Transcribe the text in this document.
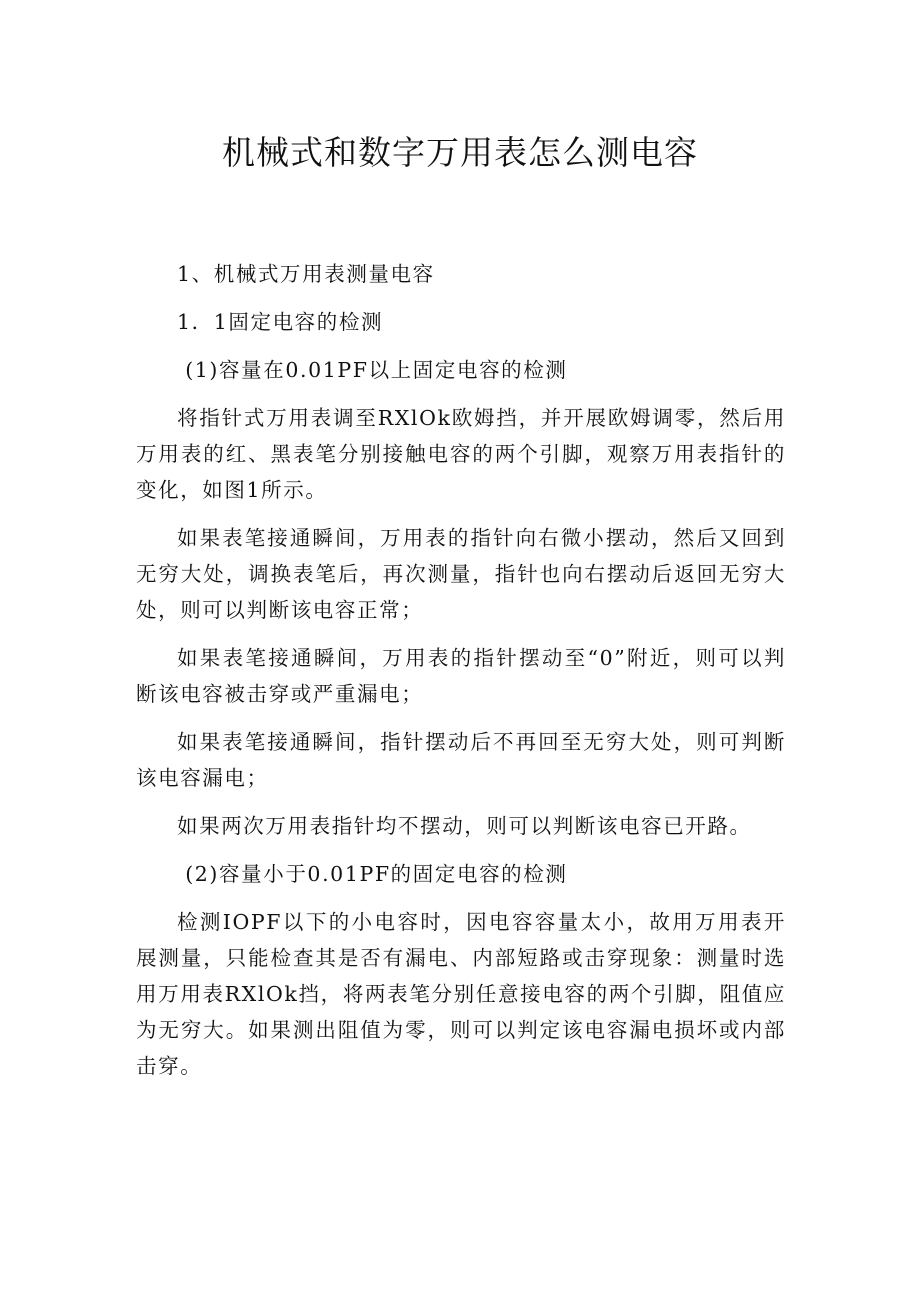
机械式和数字万用表怎么测电容

1、机械式万用表测量电容

1．1固定电容的检测

(1)容量在0.01PF以上固定电容的检测

将指针式万用表调至RXlOk欧姆挡，并开展欧姆调零，然后用万用表的红、黑表笔分别接触电容的两个引脚，观察万用表指针的变化，如图1所示。

如果表笔接通瞬间，万用表的指针向右微小摆动，然后又回到无穷大处，调换表笔后，再次测量，指针也向右摆动后返回无穷大处，则可以判断该电容正常；

如果表笔接通瞬间，万用表的指针摆动至“0”附近，则可以判断该电容被击穿或严重漏电；

如果表笔接通瞬间，指针摆动后不再回至无穷大处，则可判断该电容漏电；

如果两次万用表指针均不摆动，则可以判断该电容已开路。

(2)容量小于0.01PF的固定电容的检测

检测IOPF以下的小电容时，因电容容量太小，故用万用表开展测量，只能检查其是否有漏电、内部短路或击穿现象：测量时选用万用表RXlOk挡，将两表笔分别任意接电容的两个引脚，阻值应为无穷大。如果测出阻值为零，则可以判定该电容漏电损坏或内部击穿。
